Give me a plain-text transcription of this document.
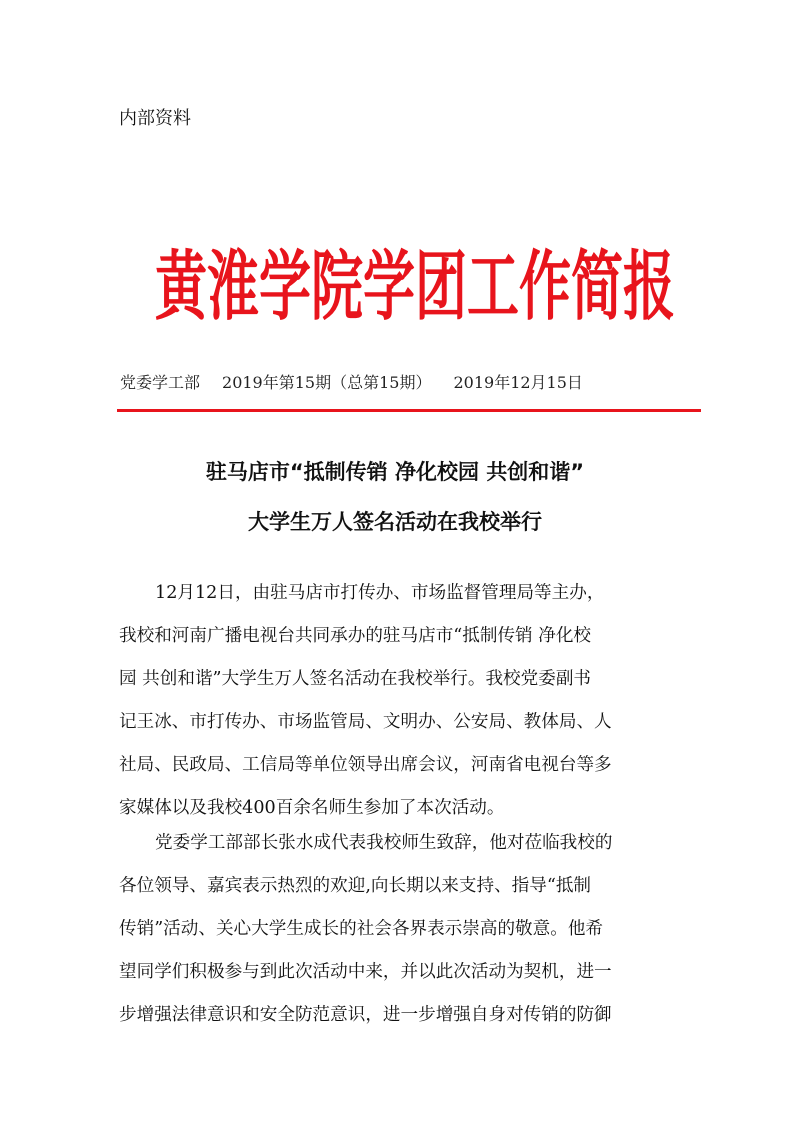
内部资料
黄淮学院学团工作简报
党委学工部 2019年第15期（总第15期） 2019年12月15日
驻马店市“抵制传销 净化校园 共创和谐”
大学生万人签名活动在我校举行
12月12日，由驻马店市打传办、市场监督管理局等主办，
我校和河南广播电视台共同承办的驻马店市“抵制传销 净化校
园 共创和谐”大学生万人签名活动在我校举行。我校党委副书
记王冰、市打传办、市场监管局、文明办、公安局、教体局、人
社局、民政局、工信局等单位领导出席会议，河南省电视台等多
家媒体以及我校400百余名师生参加了本次活动。
党委学工部部长张水成代表我校师生致辞，他对莅临我校的
各位领导、嘉宾表示热烈的欢迎,向长期以来支持、指导“抵制
传销”活动、关心大学生成长的社会各界表示崇高的敬意。他希
望同学们积极参与到此次活动中来，并以此次活动为契机，进一
步增强法律意识和安全防范意识，进一步增强自身对传销的防御
